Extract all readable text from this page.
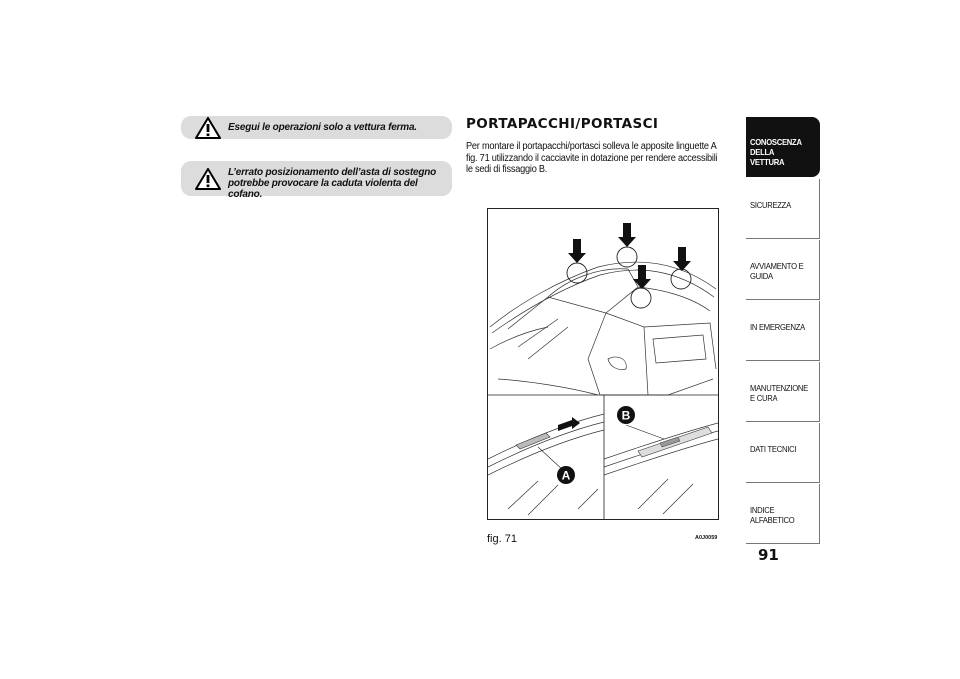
Esegui le operazioni solo a vettura ferma.
L’errato posizionamento dell’asta di sostegno potrebbe provocare la caduta violenta del cofano.
PORTAPACCHI/PORTASCI
Per montare il portapacchi/portasci solleva le apposite linguette A fig. 71 utilizzando il cacciavite in dotazione per rendere accessibili le sedi di fissaggio B.
A
B
fig. 71	A0J0059
CONOSCENZA DELLA VETTURA
SICUREZZA
AVVIAMENTO E GUIDA
IN EMERGENZA
MANUTENZIONE E CURA
DATI TECNICI
INDICE ALFABETICO
91
